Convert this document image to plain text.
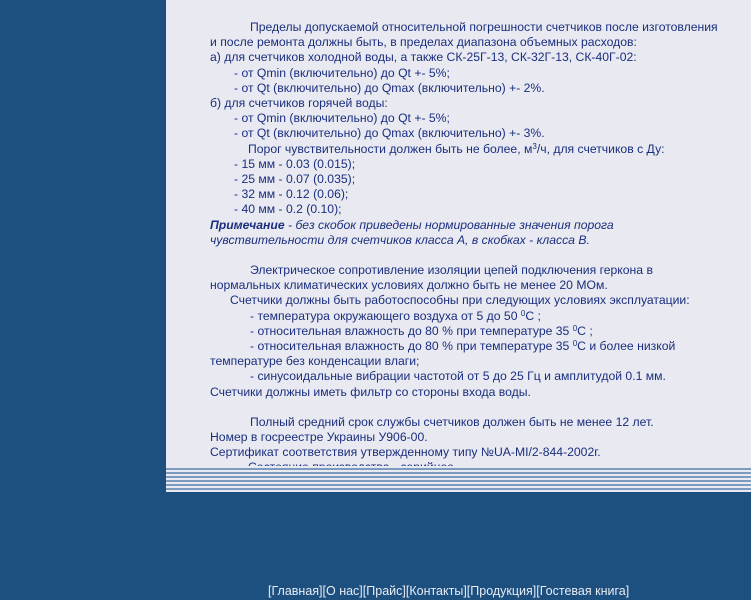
Пределы допускаемой относительной погрешности счетчиков после изготовления

и после ремонта должны быть, в пределах диапазона объемных расходов:

а) для счетчиков холодной воды, а также СК-25Г-13, СК-32Г-13, СК-40Г-02:

- от Qmin (включительно) до Qt +- 5%;

- от Qt (включительно) до Qmax (включительно) +- 2%.

б) для счетчиков горячей воды:

- от Qmin (включительно) до Qt +- 5%;

- от Qt (включительно) до Qmax (включительно) +- 3%.

Порог чувствительности должен быть не более, $м^3/ч$, для счетчиков с Ду:

- 15 мм - 0.03 (0.015);

- 25 мм - 0.07 (0.035);

- 32 мм - 0.12 (0.06);

- 40 мм - 0.2 (0.10);

Примечание - без скобок приведены нормированные значения порога

чувствительности для счетчиков класса А, в скобках - класса В.

Электрическое сопротивление изоляции цепей подключения геркона в

нормальных климатических условиях должно быть не менее 20 МОм.

Счетчики должны быть работоспособны при следующих условиях эксплуатации:

- температура окружающего воздуха от 5 до 50 $^0$C ;

- относительная влажность до 80 % при температуре 35 $^0$C ;

- относительная влажность до 80 % при температуре 35 $^0$C и более низкой

температуре без конденсации влаги;

- синусоидальные вибрации частотой от 5 до 25 Гц и амплитудой 0.1 мм.

Счетчики должны иметь фильтр со стороны входа воды.

Полный средний срок службы счетчиков должен быть не менее 12 лет.

Номер в госреестре Украины У906-00.

Сертификат соответствия утвержденному типу №UA-MI/2-844-2002г.

[Главная][О нас][Прайс][Контакты][Продукция][Гостевая книга]
